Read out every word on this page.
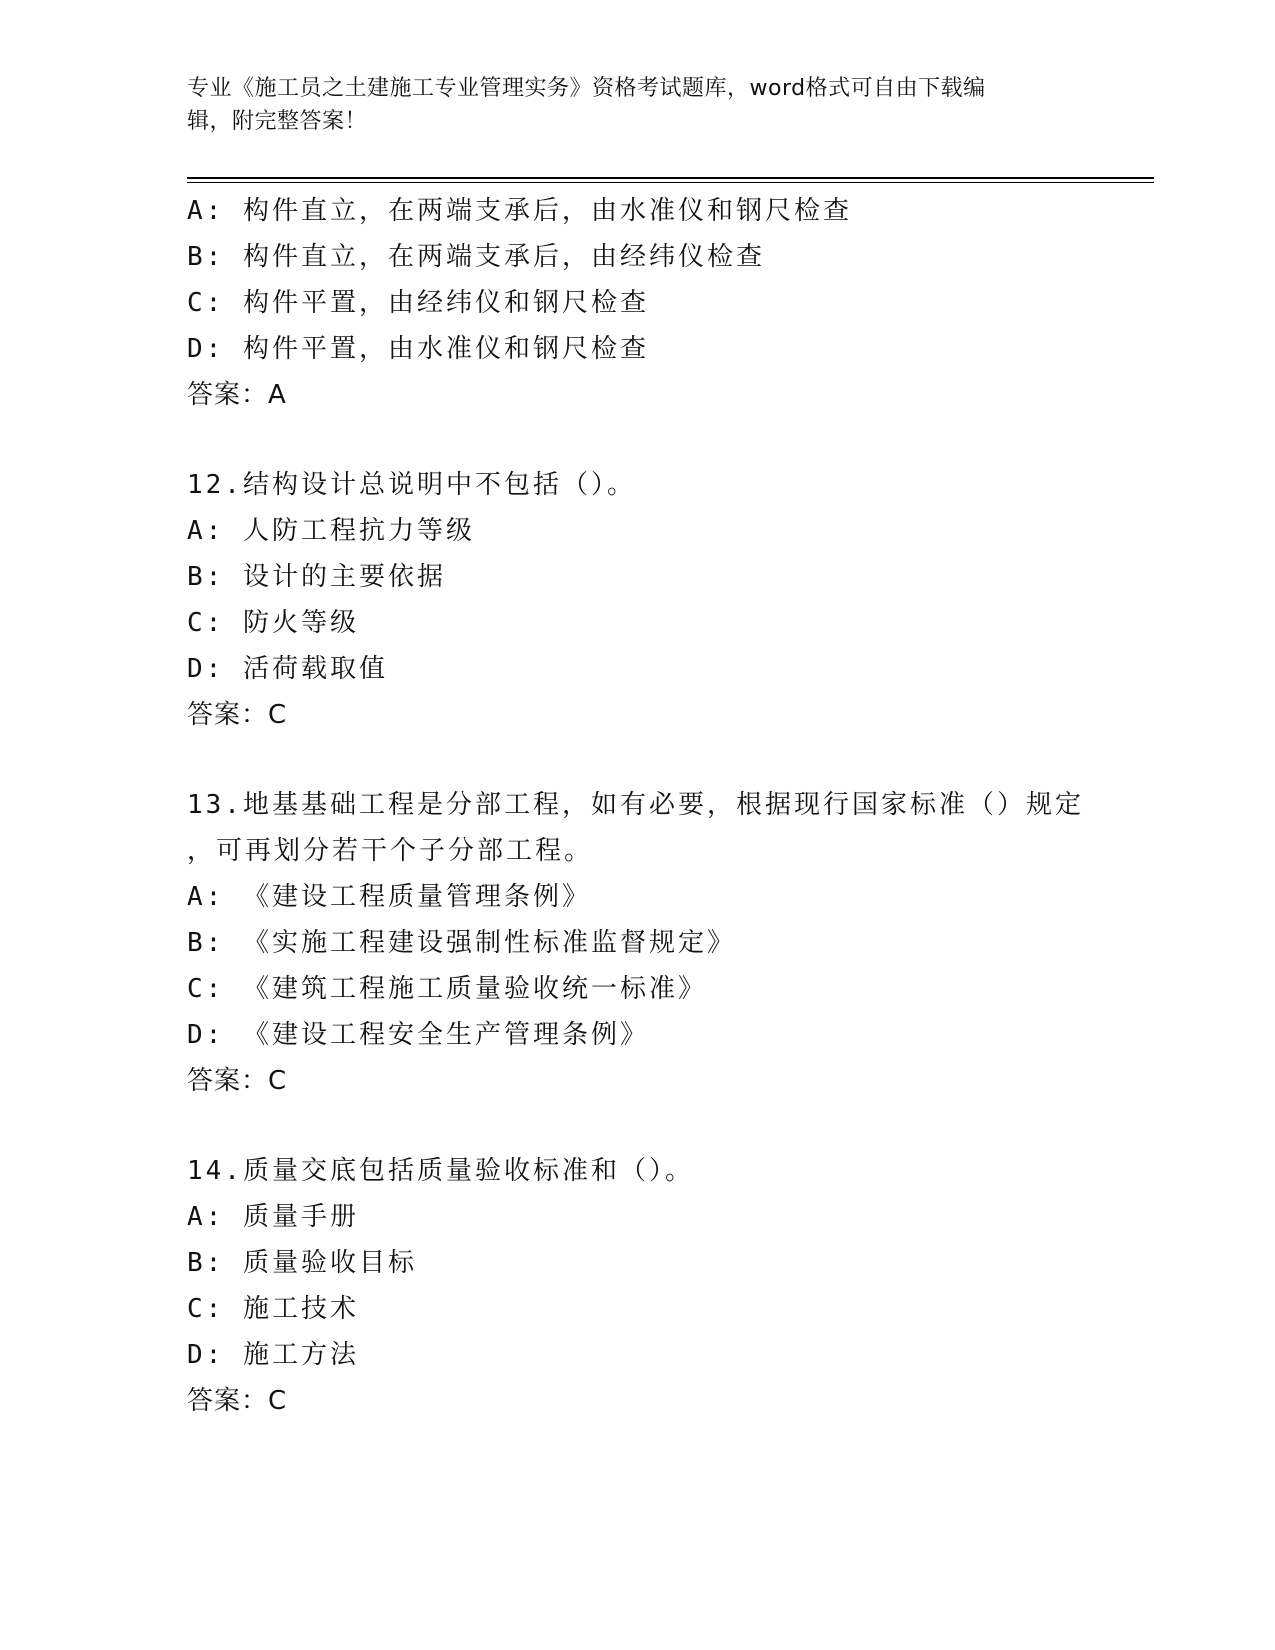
专业《施工员之土建施工专业管理实务》资格考试题库，word格式可自由下载编
辑，附完整答案！
A: 构件直立，在两端支承后，由水准仪和钢尺检查
B: 构件直立，在两端支承后，由经纬仪检查
C: 构件平置，由经纬仪和钢尺检查
D: 构件平置，由水准仪和钢尺检查
答案：A
12.结构设计总说明中不包括（）。
A: 人防工程抗力等级
B: 设计的主要依据
C: 防火等级
D: 活荷载取值
答案：C
13.地基基础工程是分部工程，如有必要，根据现行国家标准（）规定
，可再划分若干个子分部工程。
A: 《建设工程质量管理条例》
B: 《实施工程建设强制性标准监督规定》
C: 《建筑工程施工质量验收统一标准》
D: 《建设工程安全生产管理条例》
答案：C
14.质量交底包括质量验收标准和（）。
A: 质量手册
B: 质量验收目标
C: 施工技术
D: 施工方法
答案：C
